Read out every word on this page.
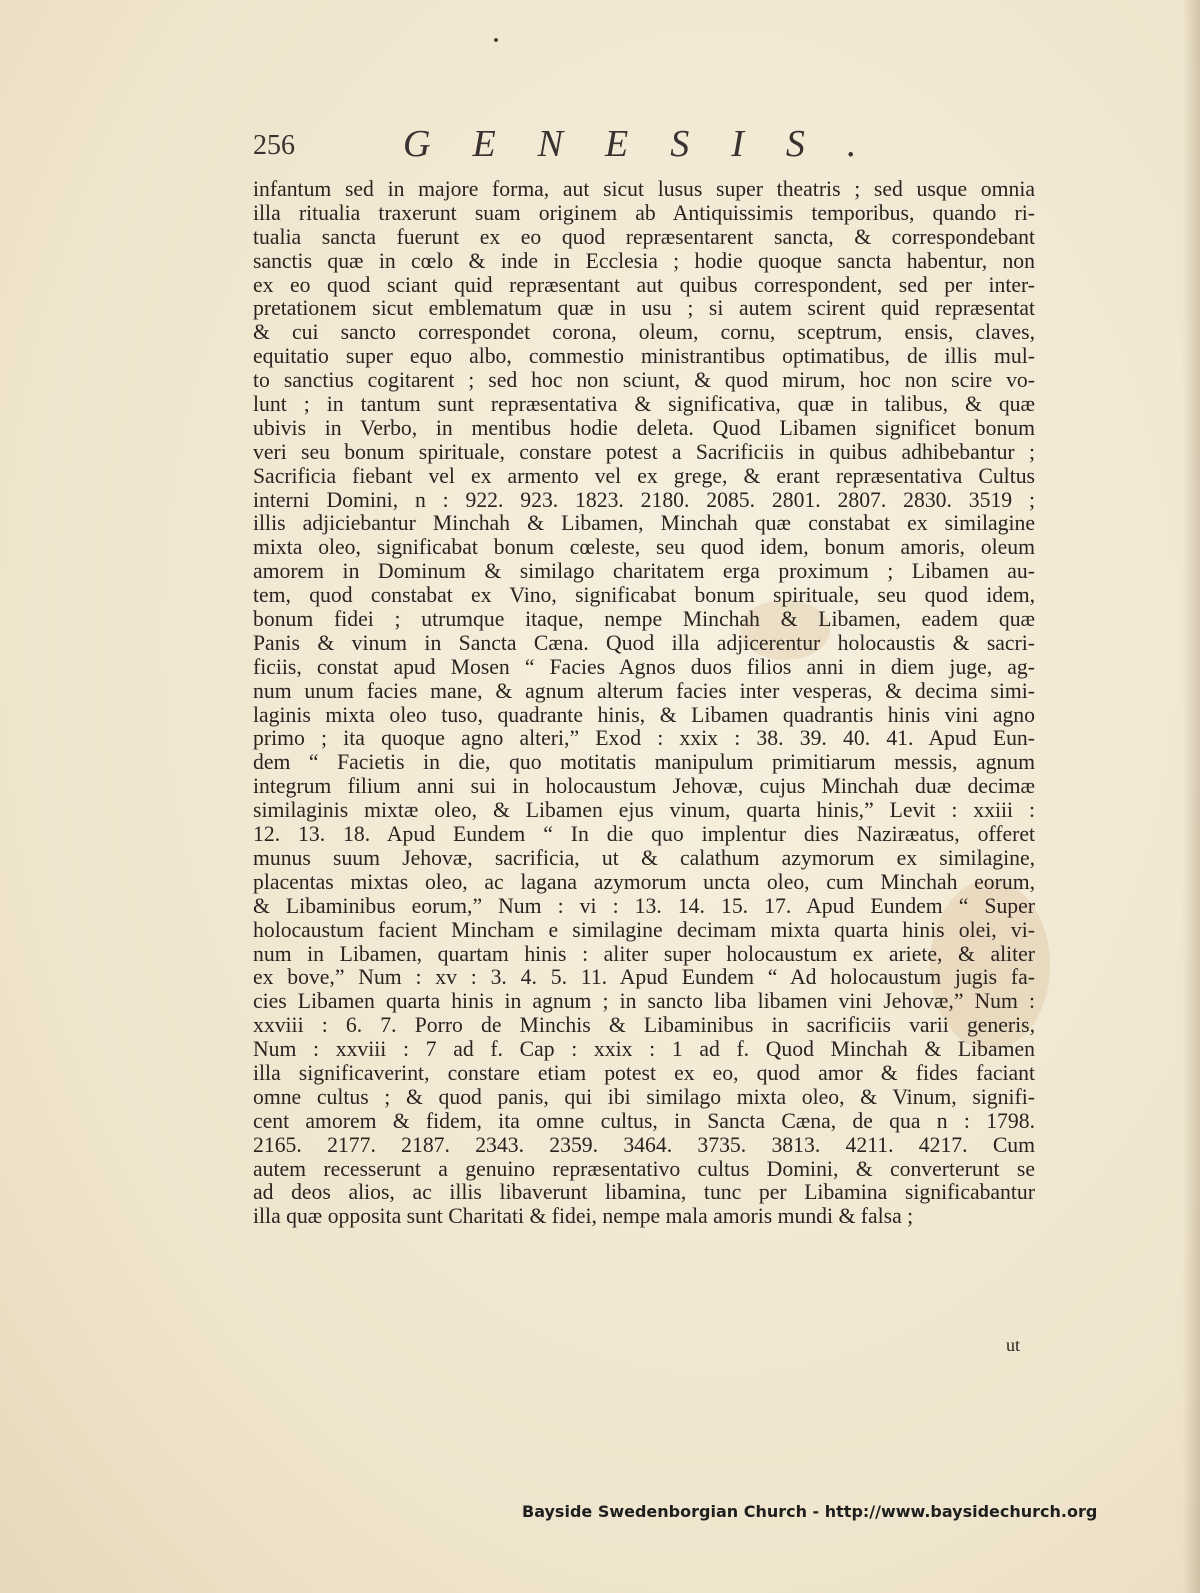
256	GENESIS.
infantum sed in majore forma, aut sicut lusus super theatris ; sed usque omnia
illa ritualia traxerunt suam originem ab Antiquissimis temporibus, quando ri-
tualia sancta fuerunt ex eo quod repræsentarent sancta, & correspondebant
sanctis quæ in cœlo & inde in Ecclesia ; hodie quoque sancta habentur, non
ex eo quod sciant quid repræsentant aut quibus correspondent, sed per inter-
pretationem sicut emblematum quæ in usu ; si autem scirent quid repræsentat
& cui sancto correspondet corona, oleum, cornu, sceptrum, ensis, claves,
equitatio super equo albo, commestio ministrantibus optimatibus, de illis mul-
to sanctius cogitarent ; sed hoc non sciunt, & quod mirum, hoc non scire vo-
lunt ; in tantum sunt repræsentativa & significativa, quæ in talibus, & quæ
ubivis in Verbo, in mentibus hodie deleta. Quod Libamen significet bonum
veri seu bonum spirituale, constare potest a Sacrificiis in quibus adhibebantur ;
Sacrificia fiebant vel ex armento vel ex grege, & erant repræsentativa Cultus
interni Domini, n : 922. 923. 1823. 2180. 2085. 2801. 2807. 2830. 3519 ;
illis adjiciebantur Minchah & Libamen, Minchah quæ constabat ex similagine
mixta oleo, significabat bonum cœleste, seu quod idem, bonum amoris, oleum
amorem in Dominum & similago charitatem erga proximum ; Libamen au-
tem, quod constabat ex Vino, significabat bonum spirituale, seu quod idem,
bonum fidei ; utrumque itaque, nempe Minchah & Libamen, eadem quæ
Panis & vinum in Sancta Cæna. Quod illa adjicerentur holocaustis & sacri-
ficiis, constat apud Mosen “ Facies Agnos duos filios anni in diem juge, ag-
num unum facies mane, & agnum alterum facies inter vesperas, & decima simi-
laginis mixta oleo tuso, quadrante hinis, & Libamen quadrantis hinis vini agno
primo ; ita quoque agno alteri,” Exod : xxix : 38. 39. 40. 41. Apud Eun-
dem “ Facietis in die, quo motitatis manipulum primitiarum messis, agnum
integrum filium anni sui in holocaustum Jehovæ, cujus Minchah duæ decimæ
similaginis mixtæ oleo, & Libamen ejus vinum, quarta hinis,” Levit : xxiii :
12. 13. 18. Apud Eundem “ In die quo implentur dies Naziræatus, offeret
munus suum Jehovæ, sacrificia, ut & calathum azymorum ex similagine,
placentas mixtas oleo, ac lagana azymorum uncta oleo, cum Minchah eorum,
& Libaminibus eorum,” Num : vi : 13. 14. 15. 17. Apud Eundem “ Super
holocaustum facient Mincham e similagine decimam mixta quarta hinis olei, vi-
num in Libamen, quartam hinis : aliter super holocaustum ex ariete, & aliter
ex bove,” Num : xv : 3. 4. 5. 11. Apud Eundem “ Ad holocaustum jugis fa-
cies Libamen quarta hinis in agnum ; in sancto liba libamen vini Jehovæ,” Num :
xxviii : 6. 7. Porro de Minchis & Libaminibus in sacrificiis varii generis,
Num : xxviii : 7 ad f. Cap : xxix : 1 ad f. Quod Minchah & Libamen
illa significaverint, constare etiam potest ex eo, quod amor & fides faciant
omne cultus ; & quod panis, qui ibi similago mixta oleo, & Vinum, signifi-
cent amorem & fidem, ita omne cultus, in Sancta Cæna, de qua n : 1798.
2165. 2177. 2187. 2343. 2359. 3464. 3735. 3813. 4211. 4217. Cum
autem recesserunt a genuino repræsentativo cultus Domini, & converterunt se
ad deos alios, ac illis libaverunt libamina, tunc per Libamina significabantur
illa quæ opposita sunt Charitati & fidei, nempe mala amoris mundi & falsa ;
ut
Bayside Swedenborgian Church - http://www.baysidechurch.org
